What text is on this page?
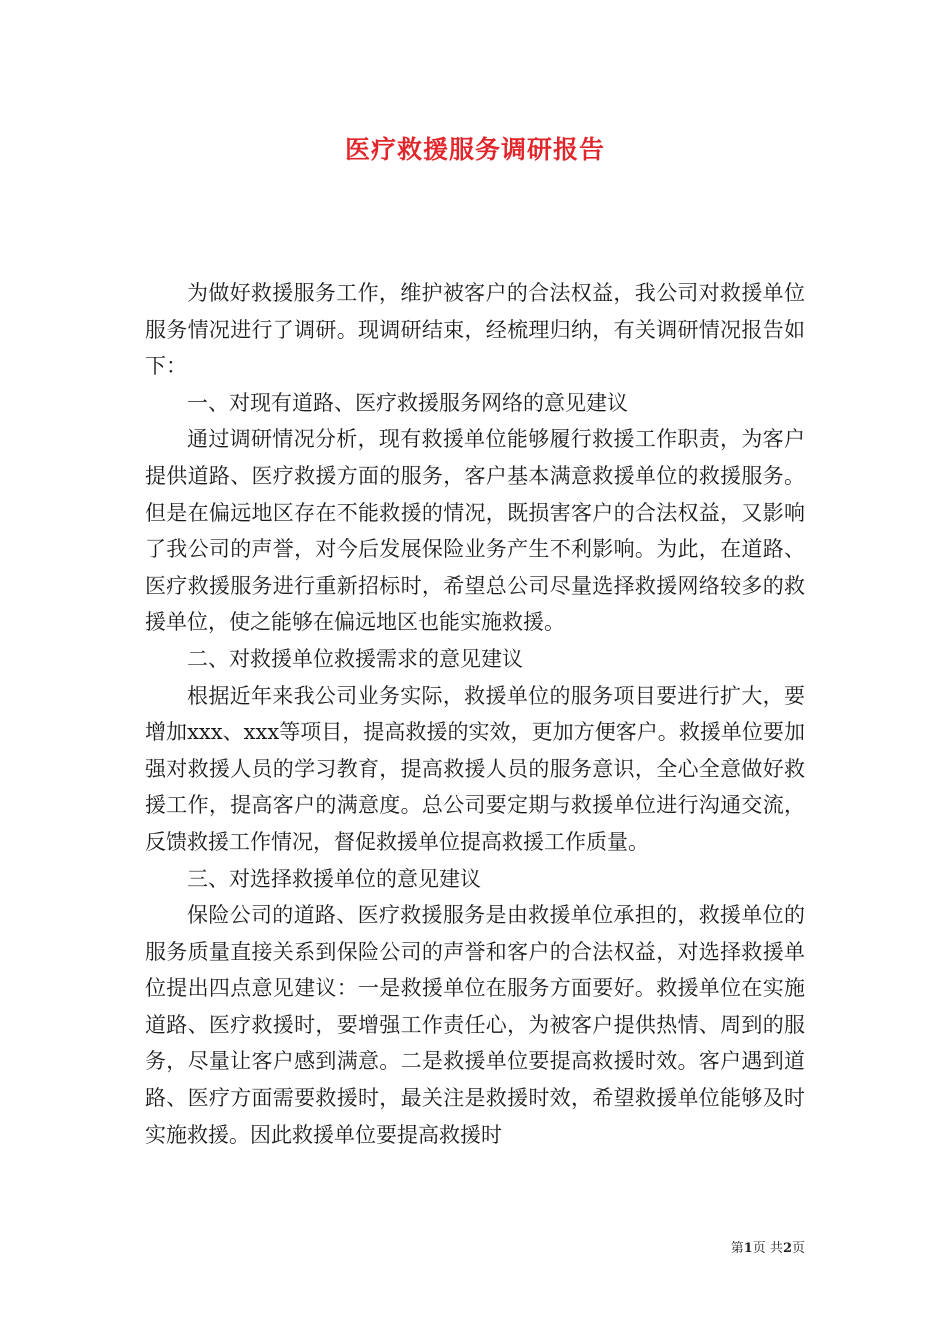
医疗救援服务调研报告

为做好救援服务工作，维护被客户的合法权益，我公司对救援单位服务情况进行了调研。现调研结束，经梳理归纳，有关调研情况报告如下：

一、对现有道路、医疗救援服务网络的意见建议

通过调研情况分析，现有救援单位能够履行救援工作职责，为客户提供道路、医疗救援方面的服务，客户基本满意救援单位的救援服务。但是在偏远地区存在不能救援的情况，既损害客户的合法权益，又影响了我公司的声誉，对今后发展保险业务产生不利影响。为此，在道路、医疗救援服务进行重新招标时，希望总公司尽量选择救援网络较多的救援单位，使之能够在偏远地区也能实施救援。

二、对救援单位救援需求的意见建议

根据近年来我公司业务实际，救援单位的服务项目要进行扩大，要增加xxx、xxx等项目，提高救援的实效，更加方便客户。救援单位要加强对救援人员的学习教育，提高救援人员的服务意识，全心全意做好救援工作，提高客户的满意度。总公司要定期与救援单位进行沟通交流，反馈救援工作情况，督促救援单位提高救援工作质量。

三、对选择救援单位的意见建议

保险公司的道路、医疗救援服务是由救援单位承担的，救援单位的服务质量直接关系到保险公司的声誉和客户的合法权益，对选择救援单位提出四点意见建议：一是救援单位在服务方面要好。救援单位在实施道路、医疗救援时，要增强工作责任心，为被客户提供热情、周到的服务，尽量让客户感到满意。二是救援单位要提高救援时效。客户遇到道路、医疗方面需要救援时，最关注是救援时效，希望救援单位能够及时实施救援。因此救援单位要提高救援时

第1页 共2页
